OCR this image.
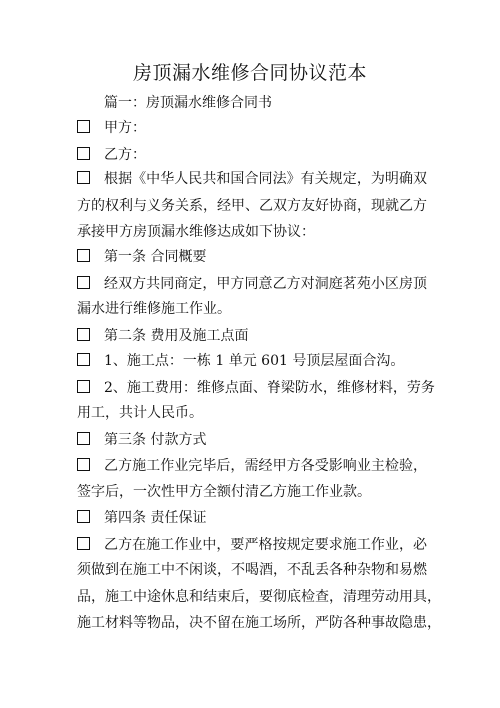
房顶漏水维修合同协议范本
篇一：房顶漏水维修合同书
甲方：
乙方：
根据《中华人民共和国合同法》有关规定，为明确双
方的权利与义务关系，经甲、乙双方友好协商，现就乙方
承接甲方房顶漏水维修达成如下协议：
第一条 合同概要
经双方共同商定，甲方同意乙方对洞庭茗苑小区房顶
漏水进行维修施工作业。
第二条 费用及施工点面
1、施工点：一栋 1 单元 601 号顶层屋面合沟。
2、施工费用：维修点面、脊梁防水，维修材料，劳务
用工，共计人民币。
第三条 付款方式
乙方施工作业完毕后，需经甲方各受影响业主检验，
签字后，一次性甲方全额付清乙方施工作业款。
第四条 责任保证
乙方在施工作业中，要严格按规定要求施工作业，必
须做到在施工中不闲谈，不喝酒，不乱丢各种杂物和易燃
品，施工中途休息和结束后，要彻底检查，清理劳动用具，
施工材料等物品，决不留在施工场所，严防各种事故隐患，
